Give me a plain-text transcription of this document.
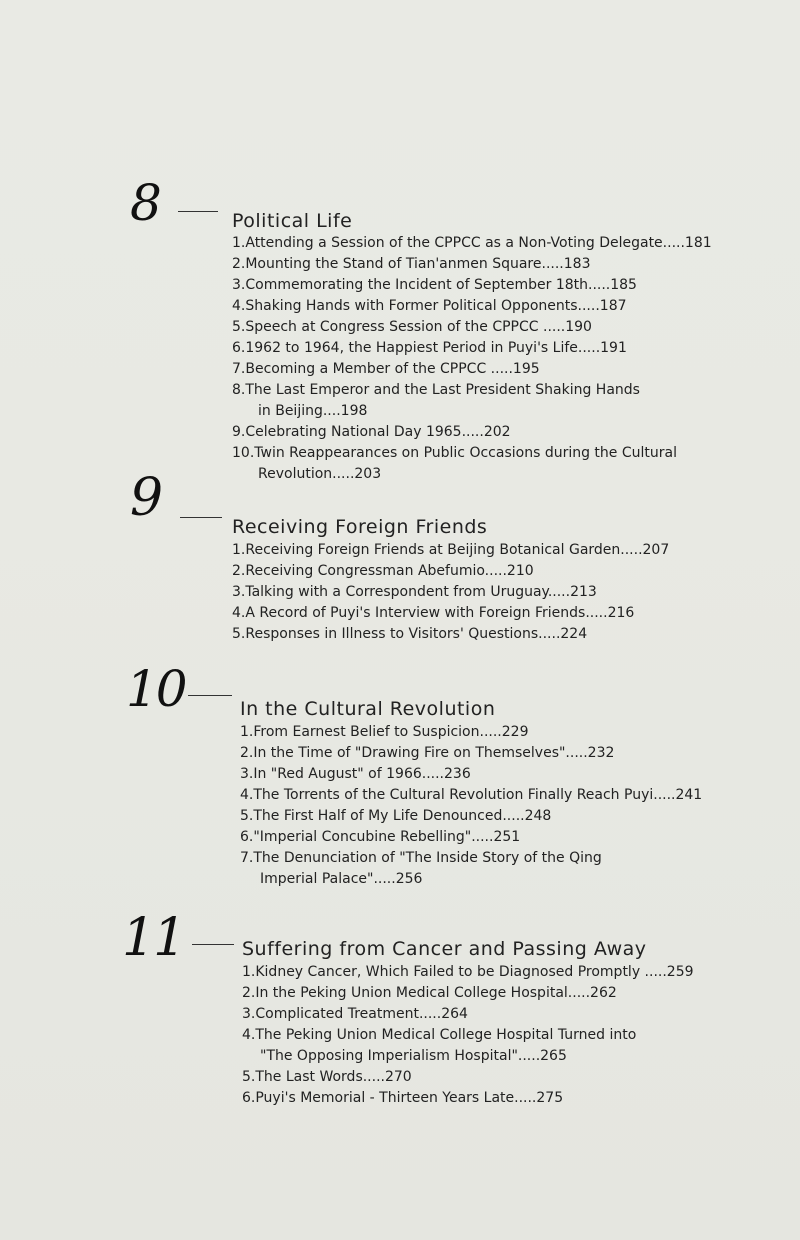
8	Political Life
1.Attending a Session of the CPPCC as a Non-Voting Delegate.....181
2.Mounting the Stand of Tian'anmen Square.....183
3.Commemorating the Incident of September 18th.....185
4.Shaking Hands with Former Political Opponents.....187
5.Speech at Congress Session of the CPPCC .....190
6.1962 to 1964, the Happiest Period in Puyi's Life.....191
7.Becoming a Member of the CPPCC .....195
8.The Last Emperor and the Last President Shaking Hands
in Beijing....198
9.Celebrating National Day 1965.....202
10.Twin Reappearances on Public Occasions during the Cultural
Revolution.....203
9	Receiving Foreign Friends
1.Receiving Foreign Friends at Beijing Botanical Garden.....207
2.Receiving Congressman Abefumio.....210
3.Talking with a Correspondent from Uruguay.....213
4.A Record of Puyi's Interview with Foreign Friends.....216
5.Responses in Illness to Visitors' Questions.....224
10	In the Cultural Revolution
1.From Earnest Belief to Suspicion.....229
2.In the Time of "Drawing Fire on Themselves".....232
3.In "Red August" of 1966.....236
4.The Torrents of the Cultural Revolution Finally Reach Puyi.....241
5.The First Half of My Life Denounced.....248
6."Imperial Concubine Rebelling".....251
7.The Denunciation of "The Inside Story of the Qing
Imperial Palace".....256
11	Suffering from Cancer and Passing Away
1.Kidney Cancer, Which Failed to be Diagnosed Promptly .....259
2.In the Peking Union Medical College Hospital.....262
3.Complicated Treatment.....264
4.The Peking Union Medical College Hospital Turned into
"The Opposing Imperialism Hospital".....265
5.The Last Words.....270
6.Puyi's Memorial - Thirteen Years Late.....275
